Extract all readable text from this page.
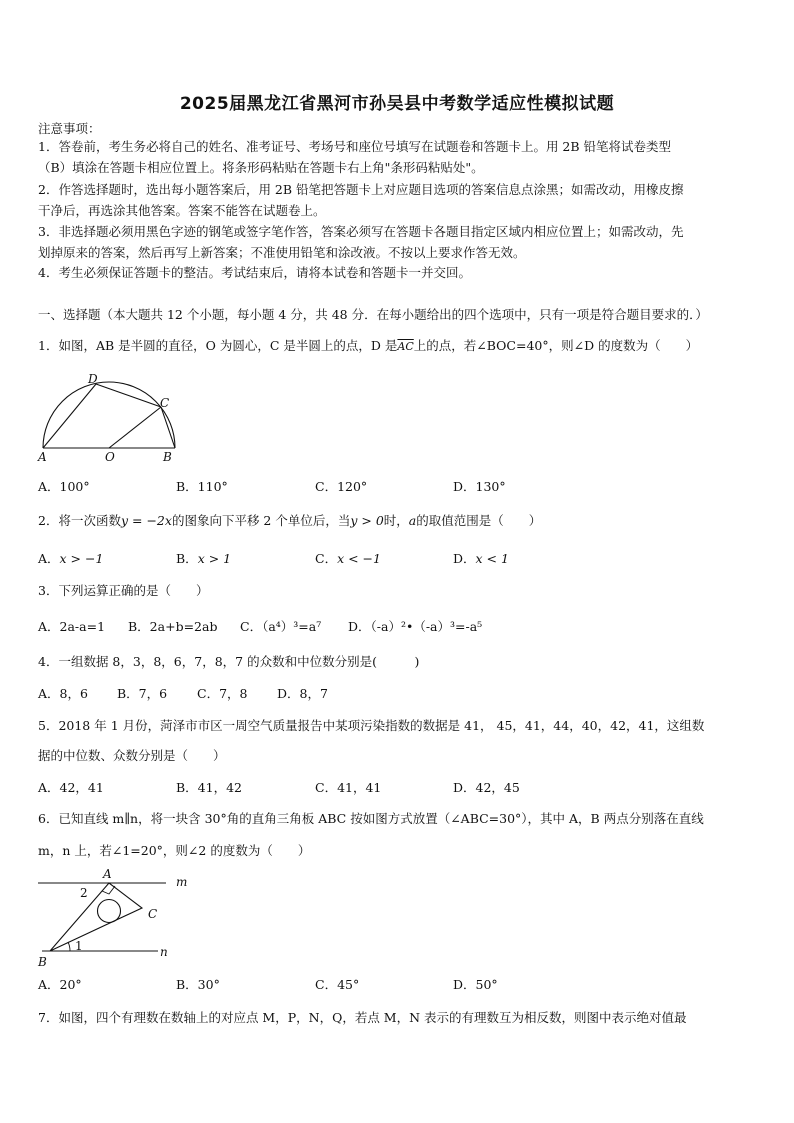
2025届黑龙江省黑河市孙吴县中考数学适应性模拟试题
注意事项：
1．答卷前，考生务必将自己的姓名、准考证号、考场号和座位号填写在试题卷和答题卡上。用 2B 铅笔将试卷类型
（B）填涂在答题卡相应位置上。将条形码粘贴在答题卡右上角"条形码粘贴处"。
2．作答选择题时，选出每小题答案后，用 2B 铅笔把答题卡上对应题目选项的答案信息点涂黑；如需改动，用橡皮擦
干净后，再选涂其他答案。答案不能答在试题卷上。
3．非选择题必须用黑色字迹的钢笔或签字笔作答，答案必须写在答题卡各题目指定区域内相应位置上；如需改动，先
划掉原来的答案，然后再写上新答案；不准使用铅笔和涂改液。不按以上要求作答无效。
4．考生必须保证答题卡的整洁。考试结束后，请将本试卷和答题卡一并交回。
一、选择题（本大题共 12 个小题，每小题 4 分，共 48 分．在每小题给出的四个选项中，只有一项是符合题目要求的．）
1．如图，AB 是半圆的直径，O 为圆心，C 是半圆上的点，D 是$\overline{AC}$上的点，若∠BOC=40°，则∠D 的度数为（　　）
D
C
A	O	B
A．100°	B．110°	C．120°	D．130°
2．将一次函数y = −2x的图象向下平移 2 个单位后，当y > 0时，a的取值范围是（　　）
A．x > −1	B．x > 1	C．x < −1	D．x < 1
3．下列运算正确的是（　　）
A．2a-a=1 B．2a+b=2ab C．（a⁴）³=a⁷ D．（-a）²•（-a）³=-a⁵
4．一组数据 8，3，8，6，7，8，7 的众数和中位数分别是(　　　)
A．8，6 B．7，6 C．7，8 D．8，7
5．2018 年 1 月份，菏泽市市区一周空气质量报告中某项污染指数的数据是 41， 45，41，44，40，42，41，这组数
据的中位数、众数分别是（　　）
A．42，41	B．41，42	C．41，41	D．42，45
6．已知直线 m∥n，将一块含 30°角的直角三角板 ABC 按如图方式放置（∠ABC=30°），其中 A，B 两点分别落在直线
m，n 上，若∠1=20°，则∠2 的度数为（　　）
A
B
C
m
n
1
2
A．20°	B．30°	C．45°	D．50°
7．如图，四个有理数在数轴上的对应点 M，P，N，Q，若点 M，N 表示的有理数互为相反数，则图中表示绝对值最
